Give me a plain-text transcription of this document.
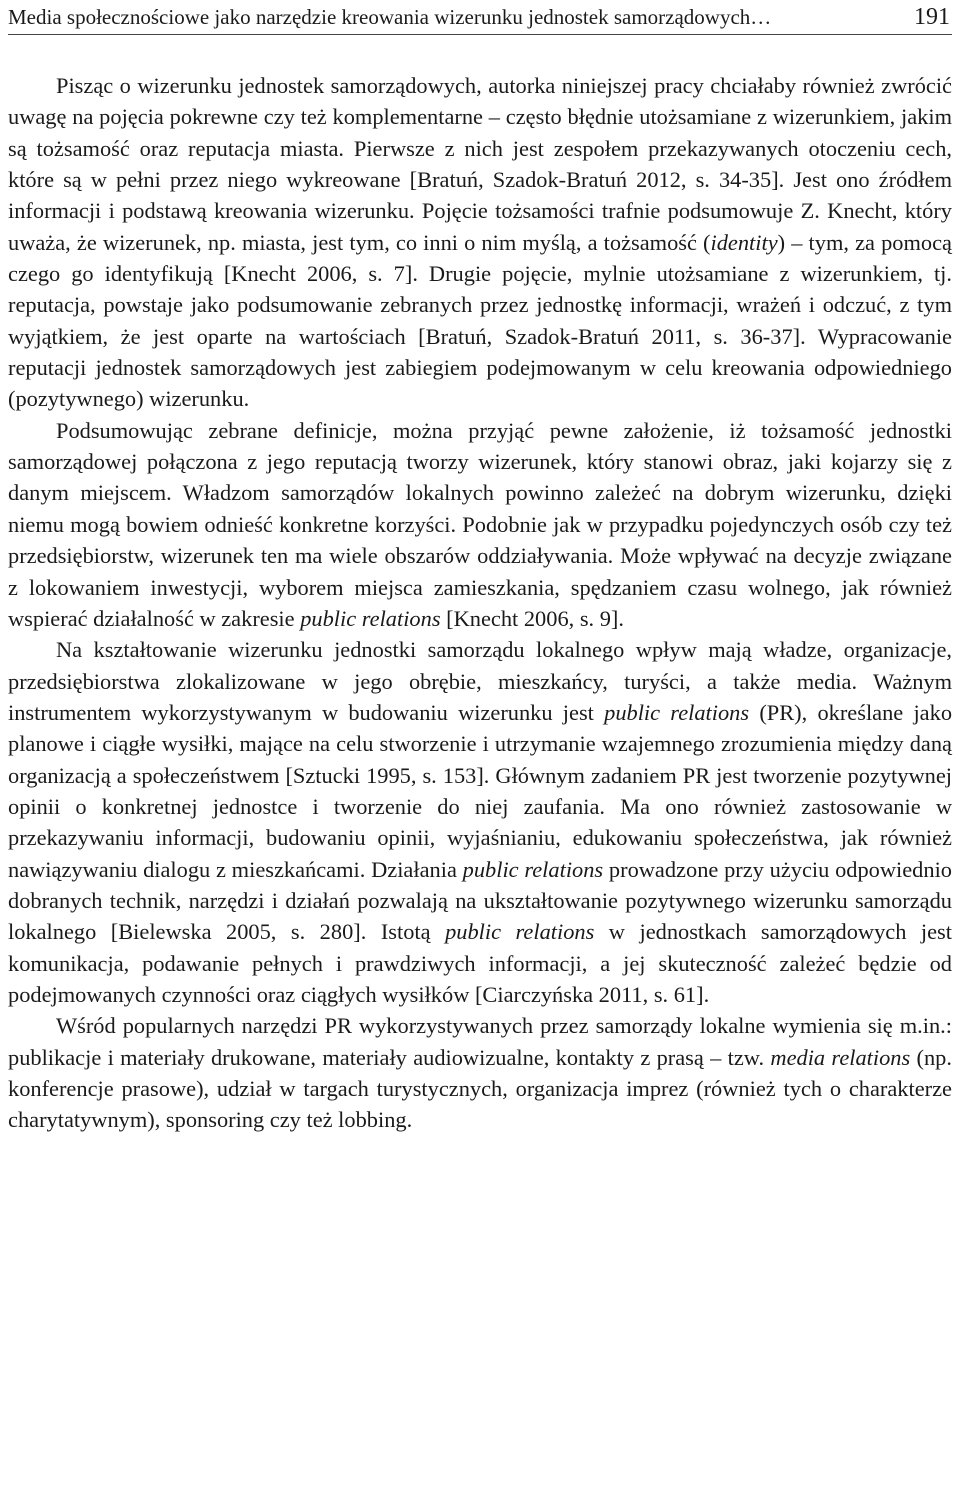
Media społecznościowe jako narzędzie kreowania wizerunku jednostek samorządowych…	191

Pisząc o wizerunku jednostek samorządowych, autorka niniejszej pracy chciałaby również zwrócić uwagę na pojęcia pokrewne czy też komplementarne – często błędnie utożsamiane z wizerunkiem, jakim są tożsamość oraz reputacja miasta. Pierwsze z nich jest zespołem przekazywanych otoczeniu cech, które są w pełni przez niego wykreowane [Bratuń, Szadok-Bratuń 2012, s. 34-35]. Jest ono źródłem informacji i podstawą kreowania wizerunku. Pojęcie tożsamości trafnie podsumowuje Z. Knecht, który uważa, że wizerunek, np. miasta, jest tym, co inni o nim myślą, a tożsamość (identity) – tym, za pomocą czego go identyfikują [Knecht 2006, s. 7]. Drugie pojęcie, mylnie utożsamiane z wizerunkiem, tj. reputacja, powstaje jako podsumowanie zebranych przez jednostkę informacji, wrażeń i odczuć, z tym wyjątkiem, że jest oparte na wartościach [Bratuń, Szadok-Bratuń 2011, s. 36-37]. Wypracowanie reputacji jednostek samorządowych jest zabiegiem podejmowanym w celu kreowania odpowiedniego (pozytywnego) wizerunku.

Podsumowując zebrane definicje, można przyjąć pewne założenie, iż tożsamość jednostki samorządowej połączona z jego reputacją tworzy wizerunek, który stanowi obraz, jaki kojarzy się z danym miejscem. Władzom samorządów lokalnych powinno zależeć na dobrym wizerunku, dzięki niemu mogą bowiem odnieść konkretne korzyści. Podobnie jak w przypadku pojedynczych osób czy też przedsiębiorstw, wizerunek ten ma wiele obszarów oddziaływania. Może wpływać na decyzje związane z lokowaniem inwestycji, wyborem miejsca zamieszkania, spędzaniem czasu wolnego, jak również wspierać działalność w zakresie public relations [Knecht 2006, s. 9].

Na kształtowanie wizerunku jednostki samorządu lokalnego wpływ mają władze, organizacje, przedsiębiorstwa zlokalizowane w jego obrębie, mieszkańcy, turyści, a także media. Ważnym instrumentem wykorzystywanym w budowaniu wizerunku jest public relations (PR), określane jako planowe i ciągłe wysiłki, mające na celu stworzenie i utrzymanie wzajemnego zrozumienia między daną organizacją a społeczeństwem [Sztucki 1995, s. 153]. Głównym zadaniem PR jest tworzenie pozytywnej opinii o konkretnej jednostce i tworzenie do niej zaufania. Ma ono również zastosowanie w przekazywaniu informacji, budowaniu opinii, wyjaśnianiu, edukowaniu społeczeństwa, jak również nawiązywaniu dialogu z mieszkańcami. Działania public relations prowadzone przy użyciu odpowiednio dobranych technik, narzędzi i działań pozwalają na ukształtowanie pozytywnego wizerunku samorządu lokalnego [Bielewska 2005, s. 280]. Istotą public relations w jednostkach samorządowych jest komunikacja, podawanie pełnych i prawdziwych informacji, a jej skuteczność zależeć będzie od podejmowanych czynności oraz ciągłych wysiłków [Ciarczyńska 2011, s. 61].

Wśród popularnych narzędzi PR wykorzystywanych przez samorządy lokalne wymienia się m.in.: publikacje i materiały drukowane, materiały audiowizualne, kontakty z prasą – tzw. media relations (np. konferencje prasowe), udział w targach turystycznych, organizacja imprez (również tych o charakterze charytatywnym), sponsoring czy też lobbing.
